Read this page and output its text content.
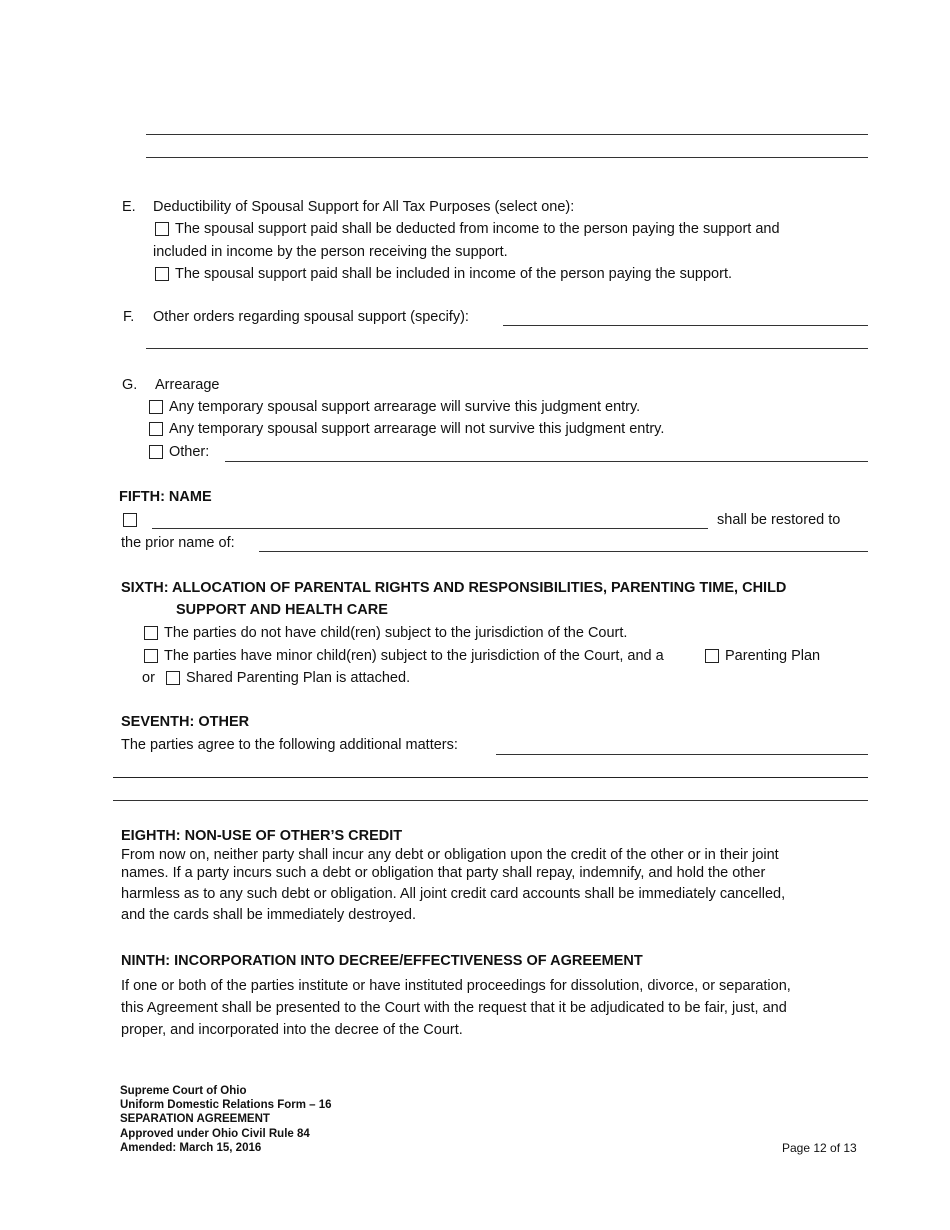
E. Deductibility of Spousal Support for All Tax Purposes (select one):
The spousal support paid shall be deducted from income to the person paying the support and
included in income by the person receiving the support.
The spousal support paid shall be included in income of the person paying the support.
F. Other orders regarding spousal support (specify):
G. Arrearage
Any temporary spousal support arrearage will survive this judgment entry.
Any temporary spousal support arrearage will not survive this judgment entry.
Other:
FIFTH: NAME
shall be restored to
the prior name of:
SIXTH: ALLOCATION OF PARENTAL RIGHTS AND RESPONSIBILITIES, PARENTING TIME, CHILD
SUPPORT AND HEALTH CARE
The parties do not have child(ren) subject to the jurisdiction of the Court.
The parties have minor child(ren) subject to the jurisdiction of the Court, and a	Parenting Plan
or Shared Parenting Plan is attached.
SEVENTH: OTHER
The parties agree to the following additional matters:
EIGHTH: NON-USE OF OTHER’S CREDIT
From now on, neither party shall incur any debt or obligation upon the credit of the other or in their joint
names. If a party incurs such a debt or obligation that party shall repay, indemnify, and hold the other
harmless as to any such debt or obligation. All joint credit card accounts shall be immediately cancelled,
and the cards shall be immediately destroyed.
NINTH: INCORPORATION INTO DECREE/EFFECTIVENESS OF AGREEMENT
If one or both of the parties institute or have instituted proceedings for dissolution, divorce, or separation,
this Agreement shall be presented to the Court with the request that it be adjudicated to be fair, just, and
proper, and incorporated into the decree of the Court.
Supreme Court of Ohio
Uniform Domestic Relations Form – 16
SEPARATION AGREEMENT
Approved under Ohio Civil Rule 84
Amended: March 15, 2016	Page 12 of 13
